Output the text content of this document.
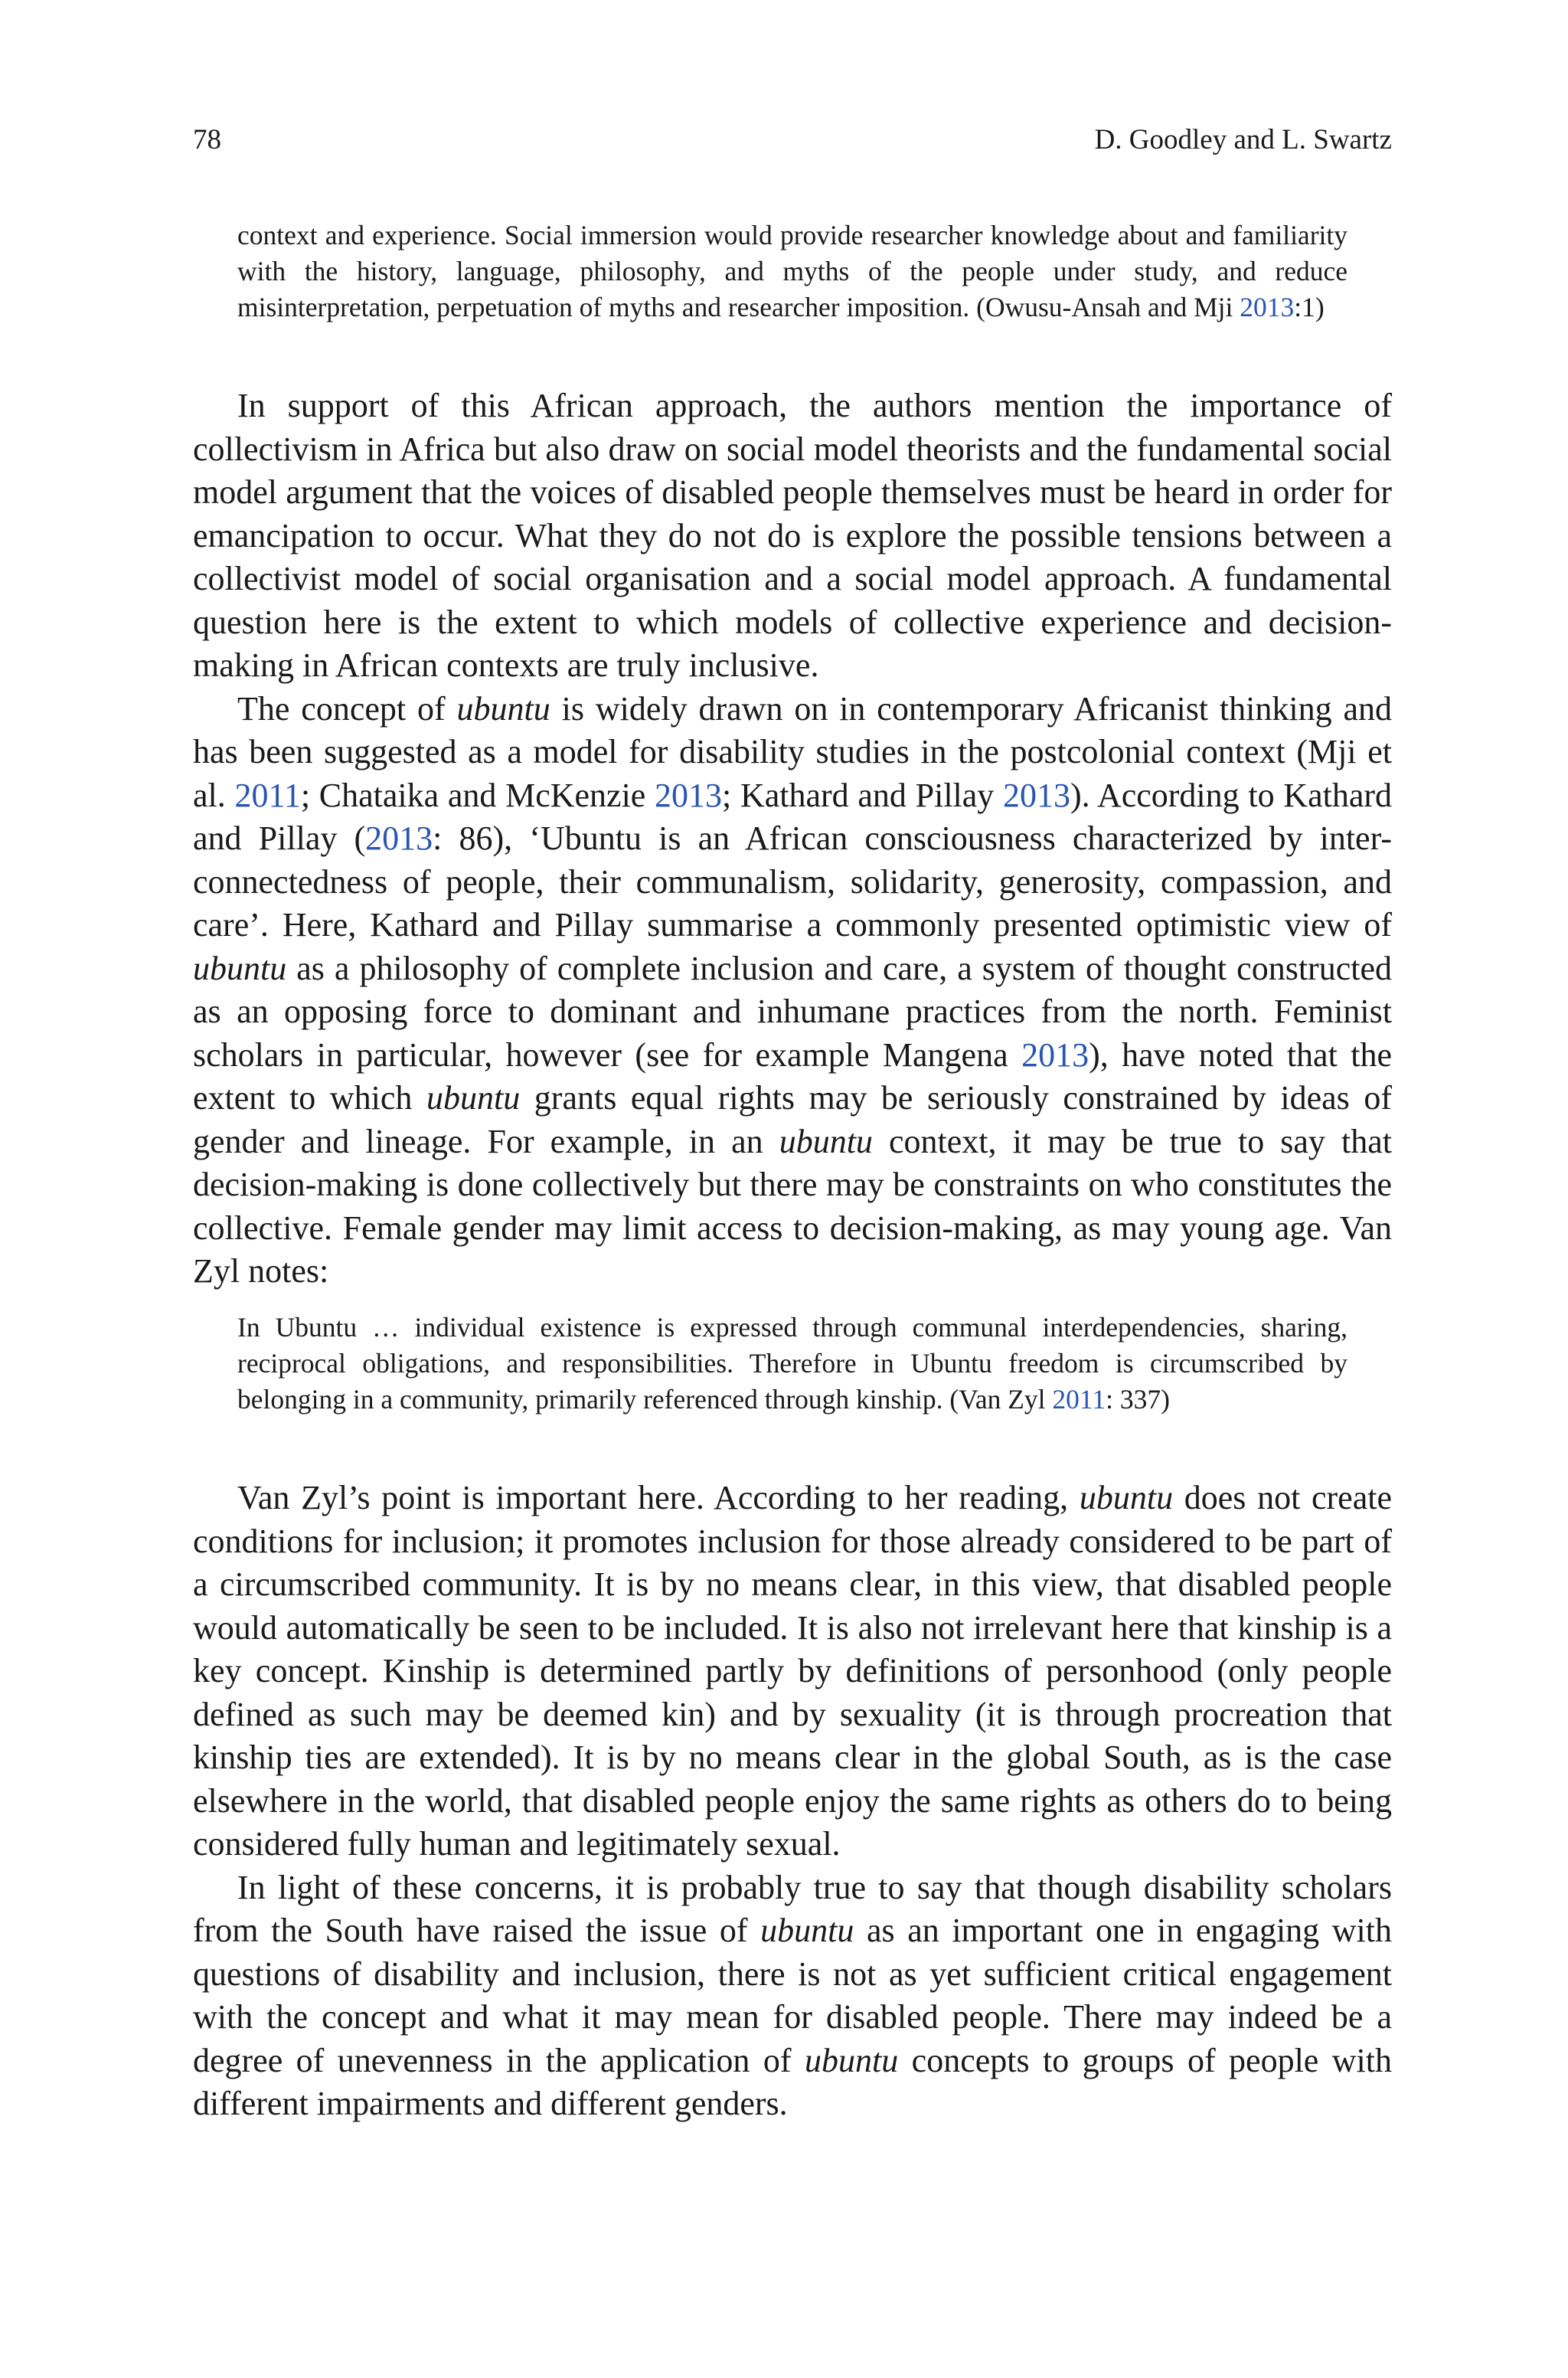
78	D. Goodley and L. Swartz
context and experience. Social immersion would provide researcher knowledge about and familiarity with the history, language, philosophy, and myths of the people under study, and reduce misinterpretation, perpetuation of myths and researcher imposition. (Owusu-Ansah and Mji 2013:1)

In support of this African approach, the authors mention the importance of collectivism in Africa but also draw on social model theorists and the fundamental social model argument that the voices of disabled people themselves must be heard in order for emancipation to occur. What they do not do is explore the possible tensions between a collectivist model of social organisation and a social model approach. A fundamental question here is the extent to which models of collective experience and decision-making in African contexts are truly inclusive.

The concept of ubuntu is widely drawn on in contemporary Africanist thinking and has been suggested as a model for disability studies in the postcolonial context (Mji et al. 2011; Chataika and McKenzie 2013; Kathard and Pillay 2013). According to Kathard and Pillay (2013: 86), ‘Ubuntu is an African consciousness characterized by inter-connectedness of people, their communalism, solidarity, generosity, compassion, and care’. Here, Kathard and Pillay summarise a commonly presented optimistic view of ubuntu as a philosophy of complete inclusion and care, a system of thought constructed as an opposing force to dominant and inhumane practices from the north. Feminist scholars in particular, however (see for example Mangena 2013), have noted that the extent to which ubuntu grants equal rights may be seriously constrained by ideas of gender and lineage. For example, in an ubuntu context, it may be true to say that decision-making is done collectively but there may be constraints on who constitutes the collective. Female gender may limit access to decision-making, as may young age. Van Zyl notes:

In Ubuntu … individual existence is expressed through communal interdependencies, sharing, reciprocal obligations, and responsibilities. Therefore in Ubuntu freedom is circumscribed by belonging in a community, primarily referenced through kinship. (Van Zyl 2011: 337)

Van Zyl’s point is important here. According to her reading, ubuntu does not create conditions for inclusion; it promotes inclusion for those already considered to be part of a circumscribed community. It is by no means clear, in this view, that disabled people would automatically be seen to be included. It is also not irrelevant here that kinship is a key concept. Kinship is determined partly by definitions of personhood (only people defined as such may be deemed kin) and by sexuality (it is through procreation that kinship ties are extended). It is by no means clear in the global South, as is the case elsewhere in the world, that disabled people enjoy the same rights as others do to being considered fully human and legitimately sexual.

In light of these concerns, it is probably true to say that though disability scholars from the South have raised the issue of ubuntu as an important one in engaging with questions of disability and inclusion, there is not as yet sufficient critical engagement with the concept and what it may mean for disabled people. There may indeed be a degree of unevenness in the application of ubuntu concepts to groups of people with different impairments and different genders.
